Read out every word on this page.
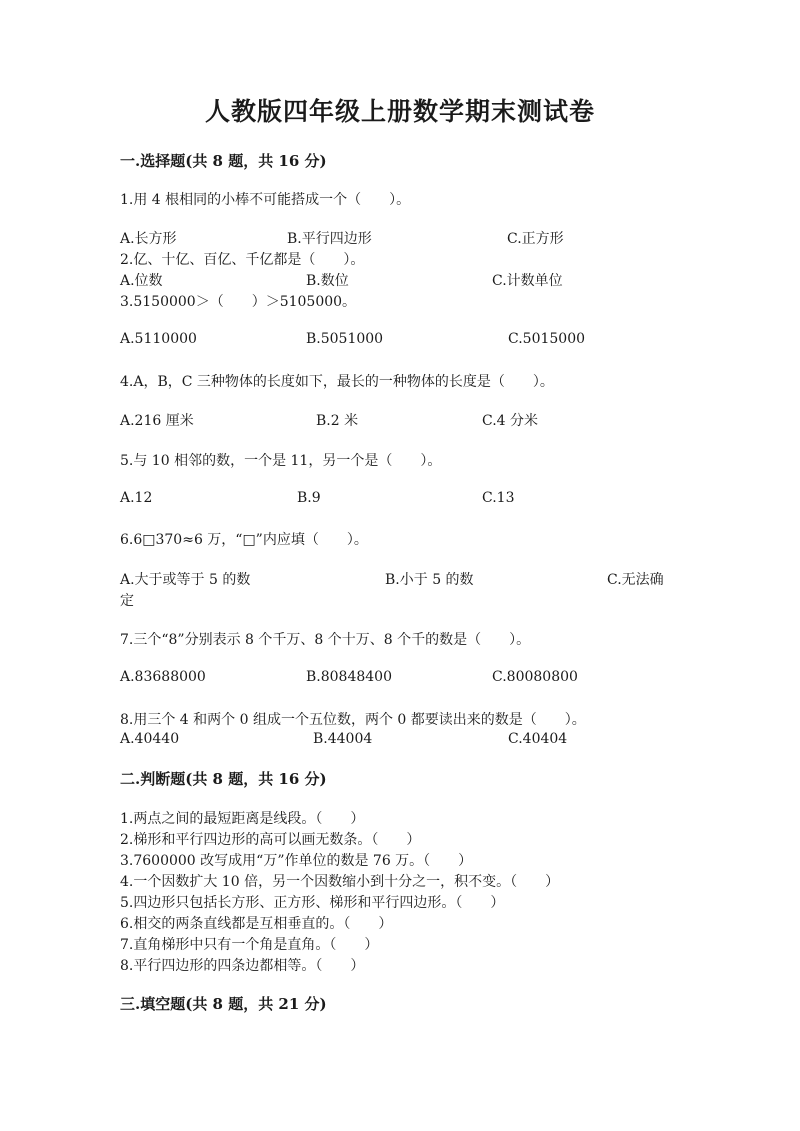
人教版四年级上册数学期末测试卷
一.选择题(共 8 题，共 16 分)
1.用 4 根相同的小棒不可能搭成一个（　　）。
A.长方形	B.平行四边形	C.正方形
2.亿、十亿、百亿、千亿都是（　　）。
A.位数	B.数位	C.计数单位
3.5150000＞（　　）＞5105000。
A.5110000	B.5051000	C.5015000
4.A，B，C 三种物体的长度如下，最长的一种物体的长度是（　　）。
A.216 厘米	B.2 米	C.4 分米
5.与 10 相邻的数，一个是 11，另一个是（　　）。
A.12	B.9	C.13
6.6□370≈6 万，“□”内应填（　　）。
A.大于或等于 5 的数	B.小于 5 的数	C.无法确
定
7.三个“8”分别表示 8 个千万、8 个十万、8 个千的数是（　　）。
A.83688000	B.80848400	C.80080800
8.用三个 4 和两个 0 组成一个五位数，两个 0 都要读出来的数是（　　）。
A.40440	B.44004	C.40404
二.判断题(共 8 题，共 16 分)
1.两点之间的最短距离是线段。（　　）
2.梯形和平行四边形的高可以画无数条。（　　）
3.7600000 改写成用“万”作单位的数是 76 万。（　　）
4.一个因数扩大 10 倍，另一个因数缩小到十分之一，积不变。（　　）
5.四边形只包括长方形、正方形、梯形和平行四边形。（　　）
6.相交的两条直线都是互相垂直的。（　　）
7.直角梯形中只有一个角是直角。（　　）
8.平行四边形的四条边都相等。（　　）
三.填空题(共 8 题，共 21 分)
